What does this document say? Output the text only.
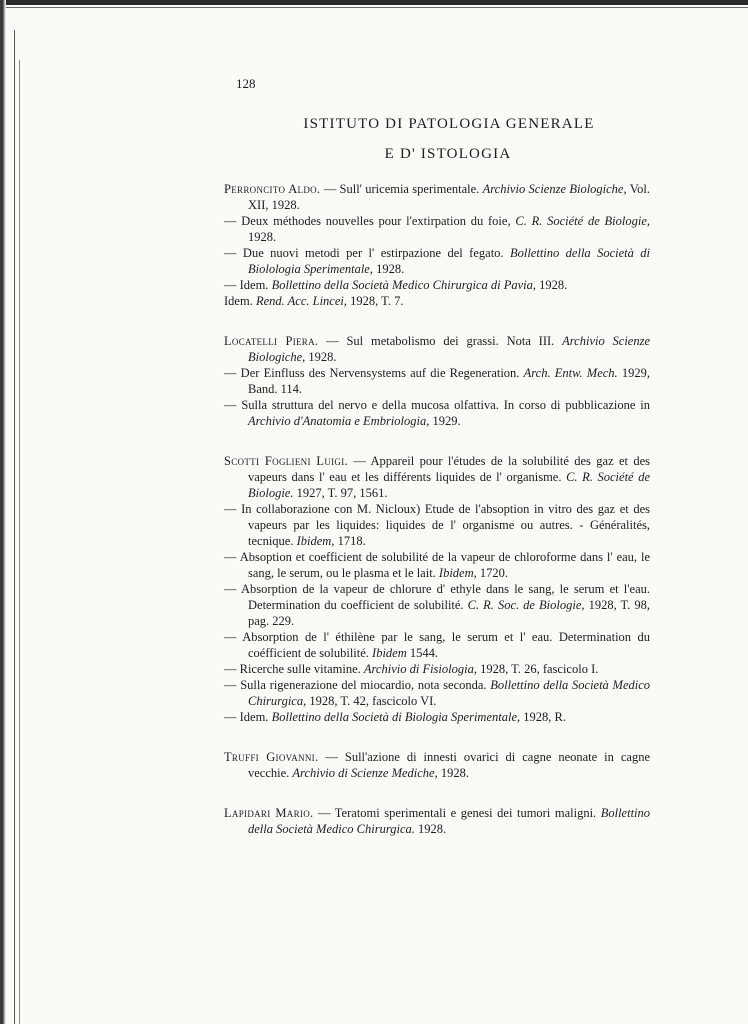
128
ISTITUTO DI PATOLOGIA GENERALE
E D' ISTOLOGIA

Perroncito Aldo. — Sull' uricemia sperimentale. Archivio Scienze Biologiche, Vol. XII, 1928.

— Deux méthodes nouvelles pour l'extirpation du foie, C. R. Société de Biologie, 1928.

— Due nuovi metodi per l' estirpazione del fegato. Bollettino della Società di Biolologia Sperimentale, 1928.

— Idem. Bollettino della Società Medico Chirurgica di Pavia, 1928.

Idem. Rend. Acc. Lincei, 1928, T. 7.

Locatelli Piera. — Sul metabolismo dei grassi. Nota III. Archivio Scienze Biologiche, 1928.

— Der Einfluss des Nervensystems auf die Regeneration. Arch. Entw. Mech. 1929, Band. 114.

— Sulla struttura del nervo e della mucosa olfattiva. In corso di pubblicazione in Archivio d'Anatomia e Embriologia, 1929.

Scotti Foglieni Luigi. — Appareil pour l'études de la solubilité des gaz et des vapeurs dans l' eau et les différents liquides de l' organisme. C. R. Société de Biologie. 1927, T. 97, 1561.

— In collaborazione con M. Nicloux) Etude de l'absoption in vitro des gaz et des vapeurs par les liquides: liquides de l' organisme ou autres. - Généralités, tecnique. Ibidem, 1718.

— Absoption et coefficient de solubilité de la vapeur de chloroforme dans l' eau, le sang, le serum, ou le plasma et le lait. Ibidem, 1720.

— Absorption de la vapeur de chlorure d' ethyle dans le sang, le serum et l'eau. Determination du coefficient de solubilité. C. R. Soc. de Biologie, 1928, T. 98, pag. 229.

— Absorption de l' éthilène par le sang, le serum et l' eau. Determination du coéfficient de solubilité. Ibidem 1544.

— Ricerche sulle vitamine. Archivio di Fisiologia, 1928, T. 26, fascicolo I.

— Sulla rigenerazione del miocardio, nota seconda. Bollettino della Società Medico Chirurgica, 1928, T. 42, fascicolo VI.

— Idem. Bollettino della Società di Biologia Sperimentale, 1928, R.

Truffi Giovanni. — Sull'azione di innesti ovarici di cagne neonate in cagne vecchie. Archivio di Scienze Mediche, 1928.

Lapidari Mario. — Teratomi sperimentali e genesi dei tumori maligni. Bollettino della Società Medico Chirurgica. 1928.
